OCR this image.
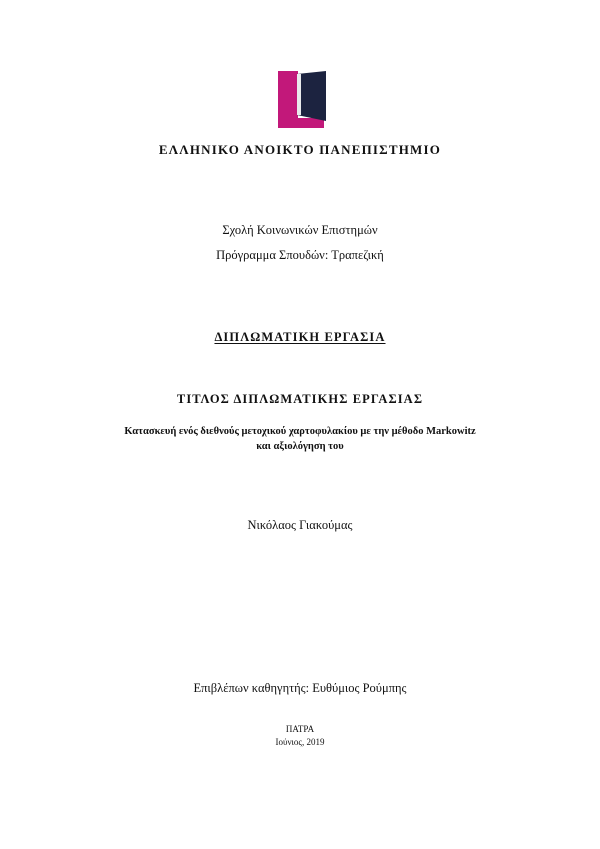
ΕΛΛΗΝΙΚΟ ΑΝΟΙΚΤΟ ΠΑΝΕΠΙΣΤΗΜΙΟ
Σχολή Κοινωνικών Επιστημών
Πρόγραμμα Σπουδών: Τραπεζική
ΔΙΠΛΩΜΑΤΙΚΗ ΕΡΓΑΣΙΑ
ΤΙΤΛΟΣ ΔΙΠΛΩΜΑΤΙΚΗΣ ΕΡΓΑΣΙΑΣ
Κατασκευή ενός διεθνούς μετοχικού χαρτοφυλακίου με την μέθοδο Markowitz
και αξιολόγηση του
Νικόλαος Γιακούμας
Επιβλέπων καθηγητής: Ευθύμιος Ρούμπης
ΠΑΤΡΑ
Ιούνιος, 2019
